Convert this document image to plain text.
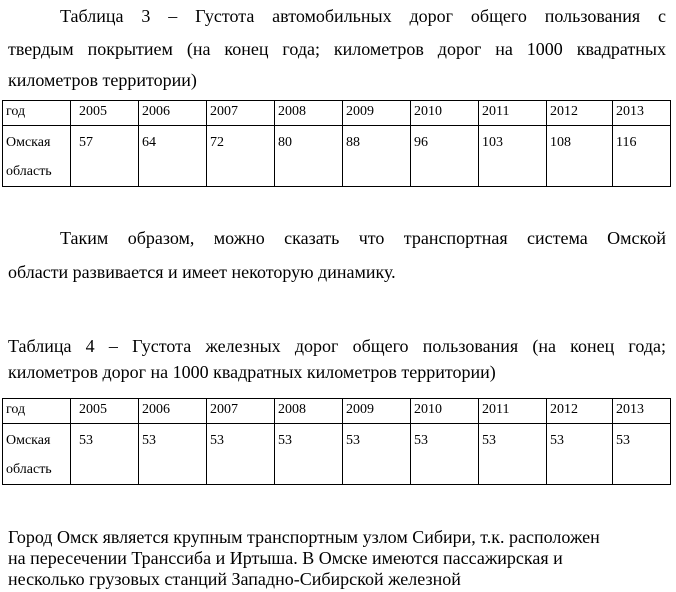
Таблица 3 – Густота автомобильных дорог общего пользования с

твердым покрытием (на конец года; километров дорог на 1000 квадратных

километров территории)

год	2005	2006	2007	2008	2009	2010	2011	2012	2013

Омская
область	57	64	72	80	88	96	103	108	116

Таким образом, можно сказать что транспортная система Омской

области развивается и имеет некоторую динамику.

Таблица 4 – Густота железных дорог общего пользования (на конец года;

километров дорог на 1000 квадратных километров территории)

год	2005	2006	2007	2008	2009	2010	2011	2012	2013

Омская
область	53	53	53	53	53	53	53	53	53

Город Омск является крупным транспортным узлом Сибири, т.к. расположен

на пересечении Транссиба и Иртыша. В Омске имеются пассажирская и

несколько грузовых станций Западно-Сибирской железной
